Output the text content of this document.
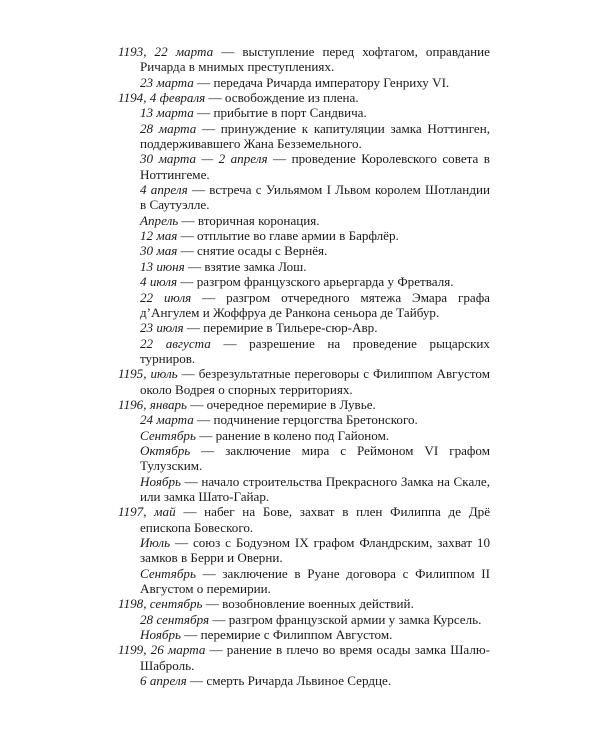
1193, 22 марта — выступление перед хофтагом, оправдание Ричарда в мнимых преступлениях.

23 марта — передача Ричарда императору Генриху VI.

1194, 4 февраля — освобождение из плена.

13 марта — прибытие в порт Сандвича.

28 марта — принуждение к капитуляции замка Ноттинген, поддерживавшего Жана Безземельного.

30 марта — 2 апреля — проведение Королевского совета в Ноттингеме.

4 апреля — встреча с Уильямом I Львом королем Шотландии в Саутуэлле.

Апрель — вторичная коронация.

12 мая — отплытие во главе армии в Барфлёр.

30 мая — снятие осады с Вернёя.

13 июня — взятие замка Лош.

4 июля — разгром французского арьергарда у Фретваля.

22 июля — разгром отчередного мятежа Эмара графа д’Ангулем и Жоффруа де Ранкона сеньора де Тайбур.

23 июля — перемирие в Тильере-сюр-Авр.

22 августа — разрешение на проведение рыцарских турниров.

1195, июль — безрезультатные переговоры с Филиппом Августом около Водрея о спорных территориях.

1196, январь — очередное перемирие в Лувье.

24 марта — подчинение герцогства Бретонского.

Сентябрь — ранение в колено под Гайоном.

Октябрь — заключение мира с Реймоном VI графом Тулузским.

Ноябрь — начало строительства Прекрасного Замка на Скале, или замка Шато-Гайар.

1197, май — набег на Бове, захват в плен Филиппа де Дрё епископа Бовеского.

Июль — союз с Бодуэном IX графом Фландрским, захват 10 замков в Берри и Оверни.

Сентябрь — заключение в Руане договора с Филиппом II Августом о перемирии.

1198, сентябрь — возобновление военных действий.

28 сентября — разгром французской армии у замка Курсель.

Ноябрь — перемирие с Филиппом Августом.

1199, 26 марта — ранение в плечо во время осады замка Шалю-Шаброль.

6 апреля — смерть Ричарда Львиное Сердце.
